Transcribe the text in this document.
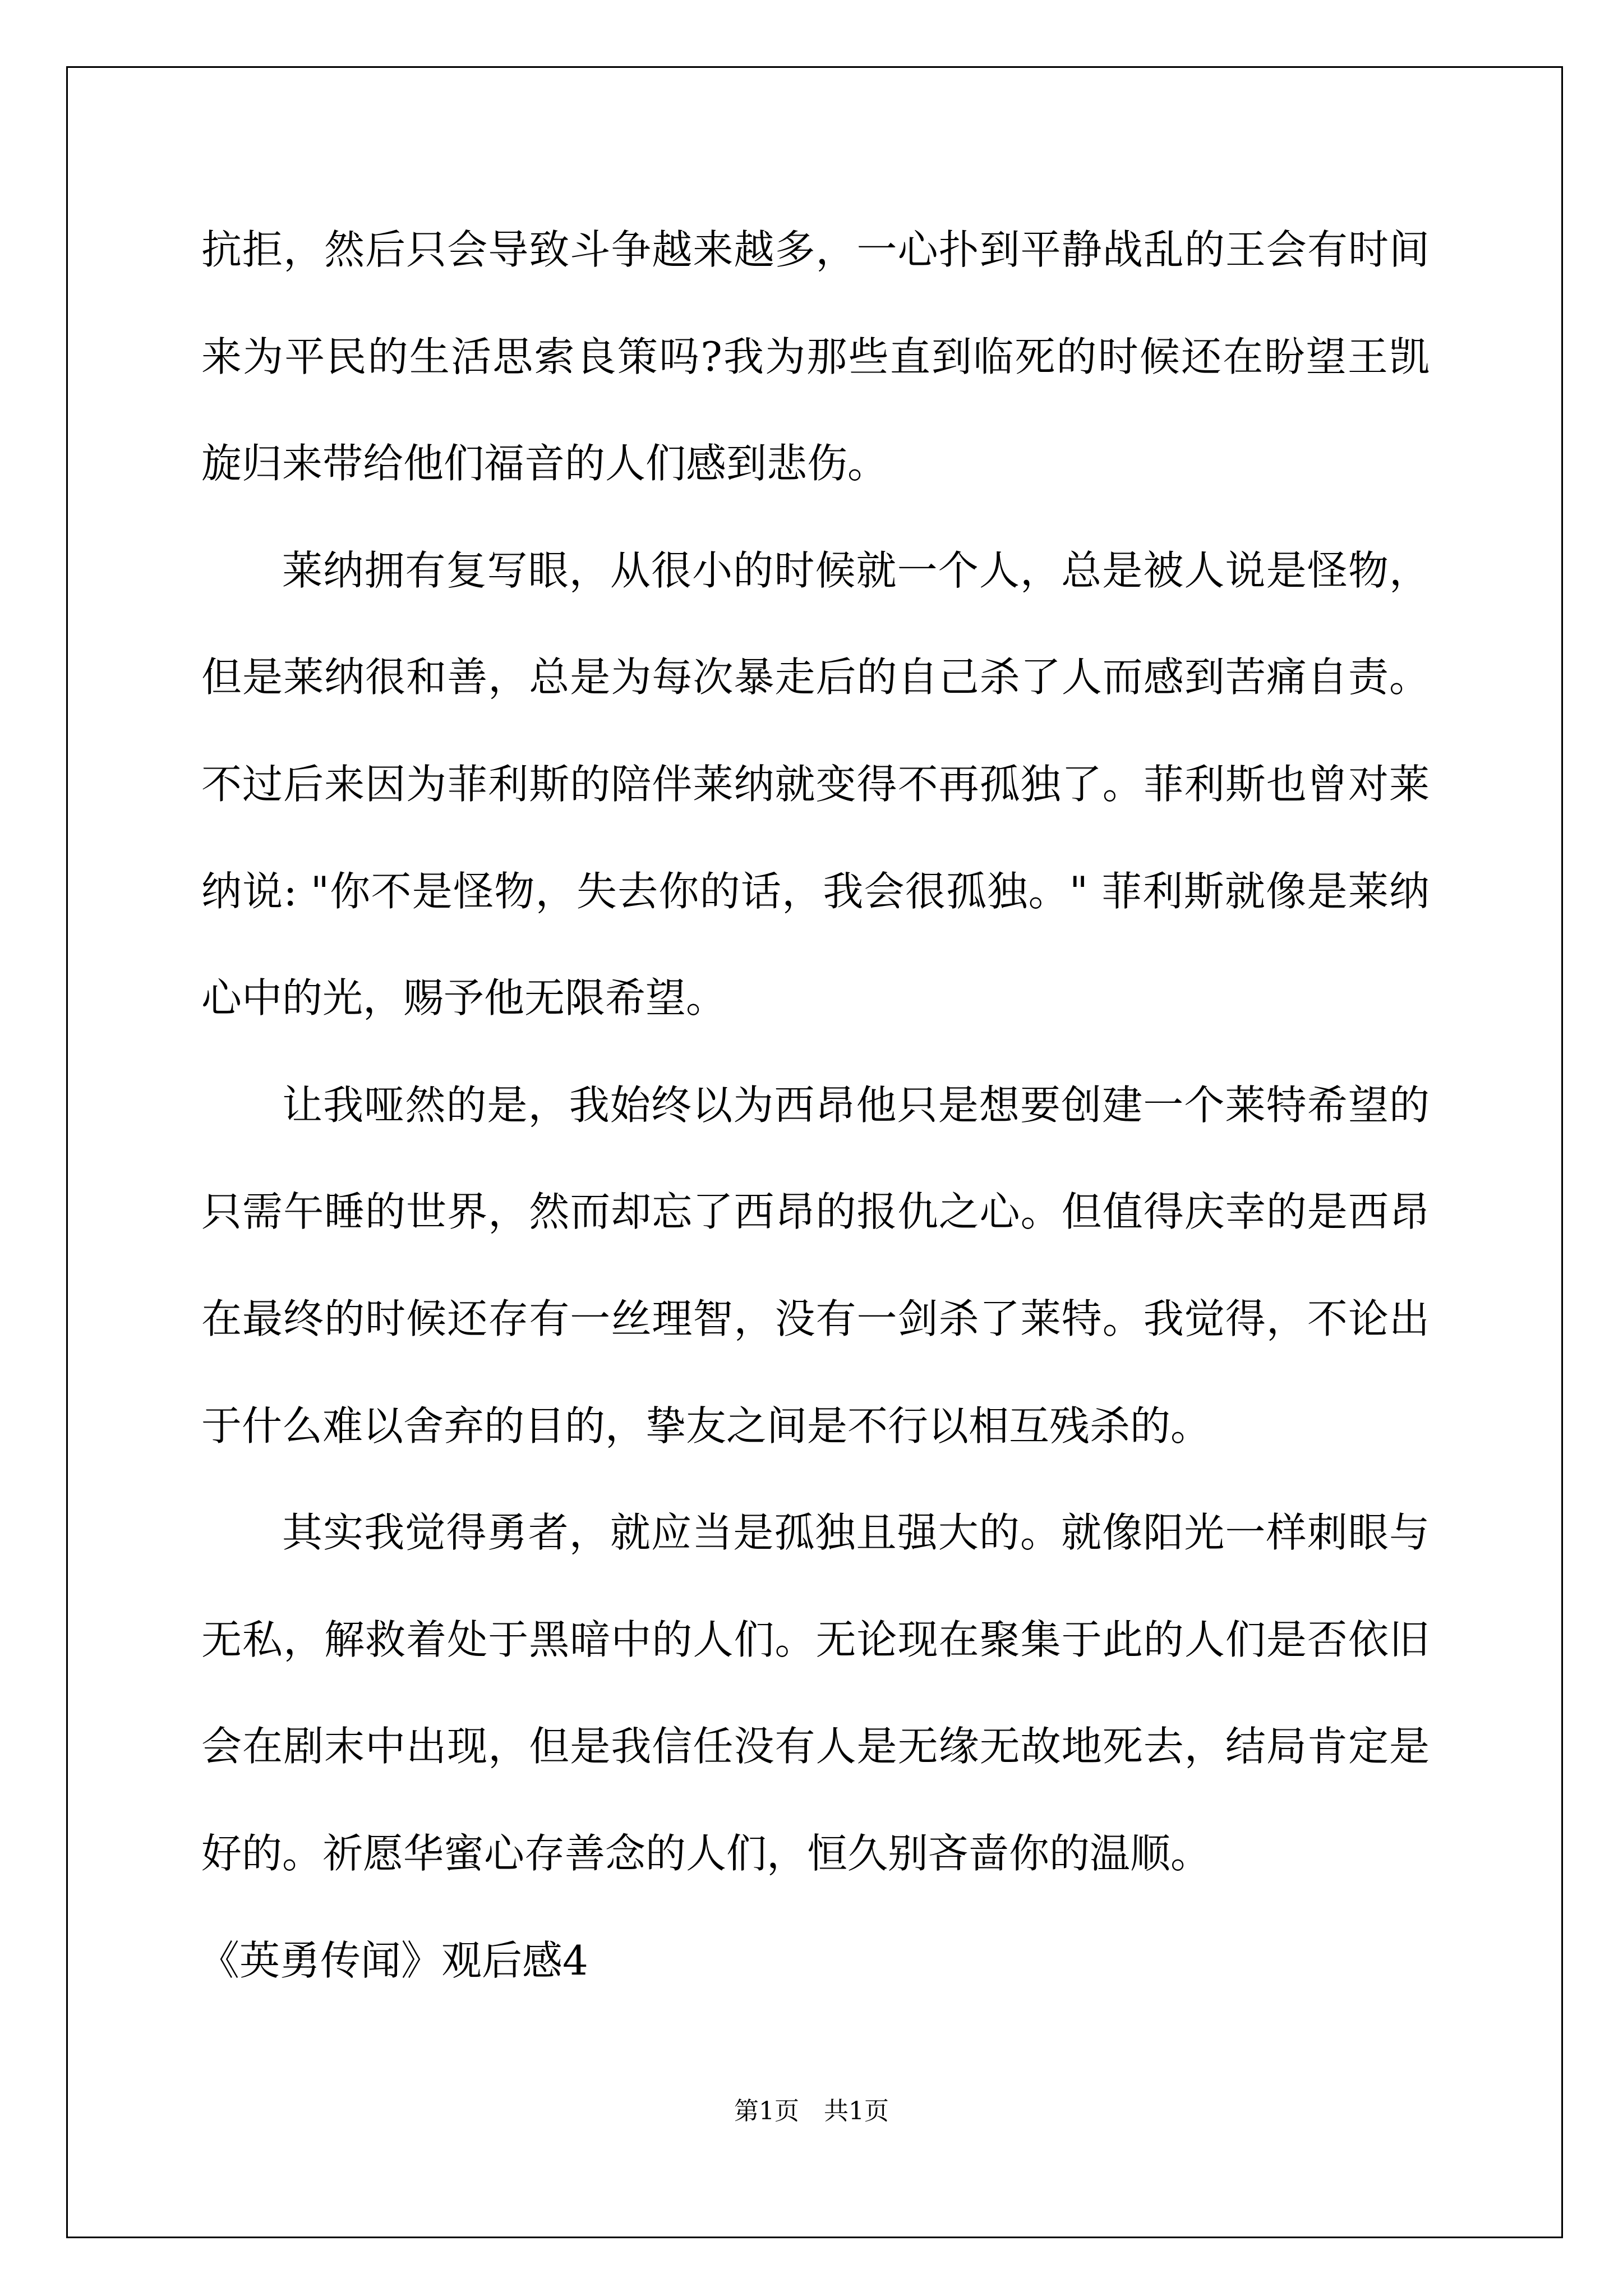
抗拒，然后只会导致斗争越来越多，一心扑到平静战乱的王会有时间
来为平民的生活思索良策吗?我为那些直到临死的时候还在盼望王凯
旋归来带给他们福音的人们感到悲伤。
莱纳拥有复写眼，从很小的时候就一个人，总是被人说是怪物，
但是莱纳很和善，总是为每次暴走后的自己杀了人而感到苦痛自责。
不过后来因为菲利斯的陪伴莱纳就变得不再孤独了。菲利斯也曾对莱
纳说: "你不是怪物，失去你的话，我会很孤独。" 菲利斯就像是莱纳
心中的光，赐予他无限希望。
让我哑然的是，我始终以为西昂他只是想要创建一个莱特希望的
只需午睡的世界，然而却忘了西昂的报仇之心。但值得庆幸的是西昂
在最终的时候还存有一丝理智，没有一剑杀了莱特。我觉得，不论出
于什么难以舍弃的目的，挚友之间是不行以相互残杀的。
其实我觉得勇者，就应当是孤独且强大的。就像阳光一样刺眼与
无私，解救着处于黑暗中的人们。无论现在聚集于此的人们是否依旧
会在剧末中出现，但是我信任没有人是无缘无故地死去，结局肯定是
好的。祈愿华蜜心存善念的人们，恒久别吝啬你的温顺。
《英勇传闻》观后感4
第1页　共1页
